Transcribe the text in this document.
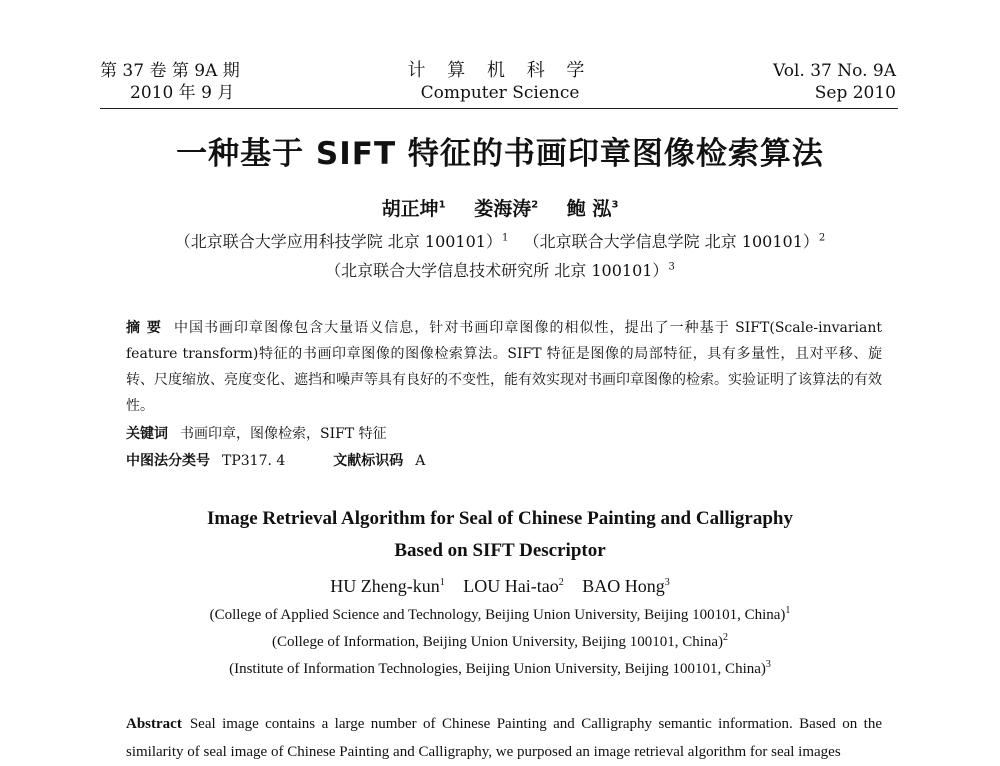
第 37 卷 第 9A 期
2010 年 9 月
计 算 机 科 学
Computer Science
Vol. 37 No. 9A
Sep 2010
一种基于 SIFT 特征的书画印章图像检索算法
胡正坤$^1$ 娄海涛$^2$ 鲍 泓$^3$
（北京联合大学应用科技学院 北京 100101）$^1$ （北京联合大学信息学院 北京 100101）$^2$
（北京联合大学信息技术研究所 北京 100101）$^3$
摘 要 中国书画印章图像包含大量语义信息，针对书画印章图像的相似性，提出了一种基于 SIFT(Scale-invariant feature transform)特征的书画印章图像的图像检索算法。SIFT 特征是图像的局部特征，具有多量性，且对平移、旋转、尺度缩放、亮度变化、遮挡和噪声等具有良好的不变性，能有效实现对书画印章图像的检索。实验证明了该算法的有效性。
关键词 书画印章，图像检索，SIFT 特征
中图法分类号 TP317. 4	文献标识码 A
Image Retrieval Algorithm for Seal of Chinese Painting and Calligraphy
Based on SIFT Descriptor
HU Zheng-kun$^1$ LOU Hai-tao$^2$ BAO Hong$^3$
(College of Applied Science and Technology, Beijing Union University, Beijing 100101, China)$^1$
(College of Information, Beijing Union University, Beijing 100101, China)$^2$
(Institute of Information Technologies, Beijing Union University, Beijing 100101, China)$^3$
Abstract Seal image contains a large number of Chinese Painting and Calligraphy semantic information. Based on the similarity of seal image of Chinese Painting and Calligraphy, we purposed an image retrieval algorithm for seal images
